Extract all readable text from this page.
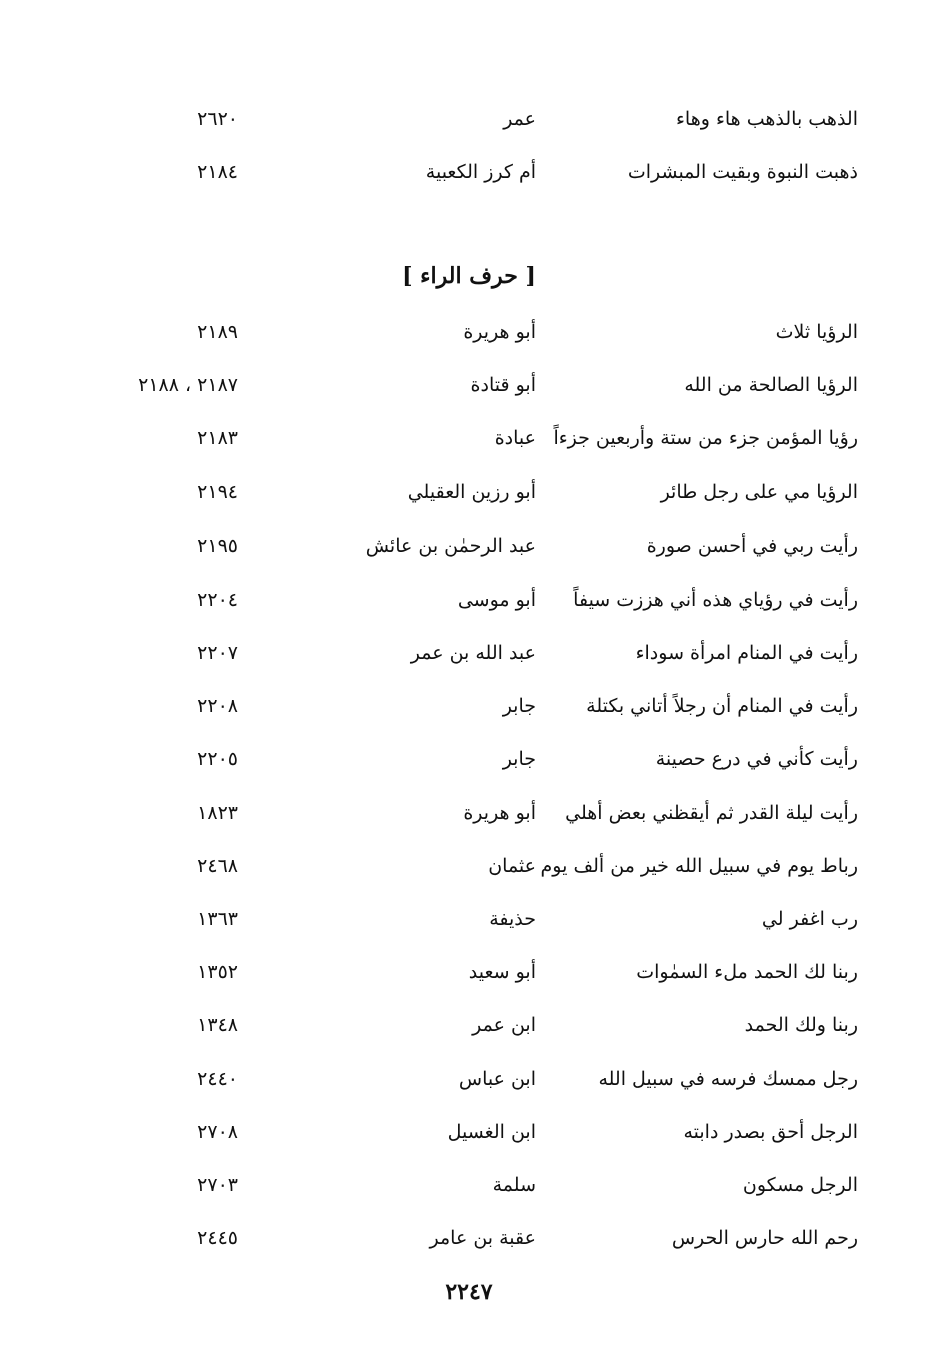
الذهب بالذهب هاء وهاء
عمر
٢٦٢٠
ذهبت النبوة وبقيت المبشرات
أم كرز الكعبية
٢١٨٤
[ حرف الراء ]
الرؤيا ثلاث
أبو هريرة
٢١٨٩
الرؤيا الصالحة من الله
أبو قتادة
٢١٨٧ ، ٢١٨٨
رؤيا المؤمن جزء من ستة وأربعين جزءاً
عبادة
٢١٨٣
الرؤيا مي على رجل طائر
أبو رزين العقيلي
٢١٩٤
رأيت ربي في أحسن صورة
عبد الرحمٰن بن عائش
٢١٩٥
رأيت في رؤياي هذه أني هززت سيفاً
أبو موسى
٢٢٠٤
رأيت في المنام امرأة سوداء
عبد الله بن عمر
٢٢٠٧
رأيت في المنام أن رجلاً أتاني بكتلة
جابر
٢٢٠٨
رأيت كأني في درع حصينة
جابر
٢٢٠٥
رأيت ليلة القدر ثم أيقظني بعض أهلي
أبو هريرة
١٨٢٣
رباط يوم في سبيل الله خير من ألف يوم
عثمان
٢٤٦٨
رب اغفر لي
حذيفة
١٣٦٣
ربنا لك الحمد ملء السمٰوات
أبو سعيد
١٣٥٢
ربنا ولك الحمد
ابن عمر
١٣٤٨
رجل ممسك فرسه في سبيل الله
ابن عباس
٢٤٤٠
الرجل أحق بصدر دابته
ابن الغسيل
٢٧٠٨
الرجل مسكون
سلمة
٢٧٠٣
رحم الله حارس الحرس
عقبة بن عامر
٢٤٤٥
٢٢٤٧
